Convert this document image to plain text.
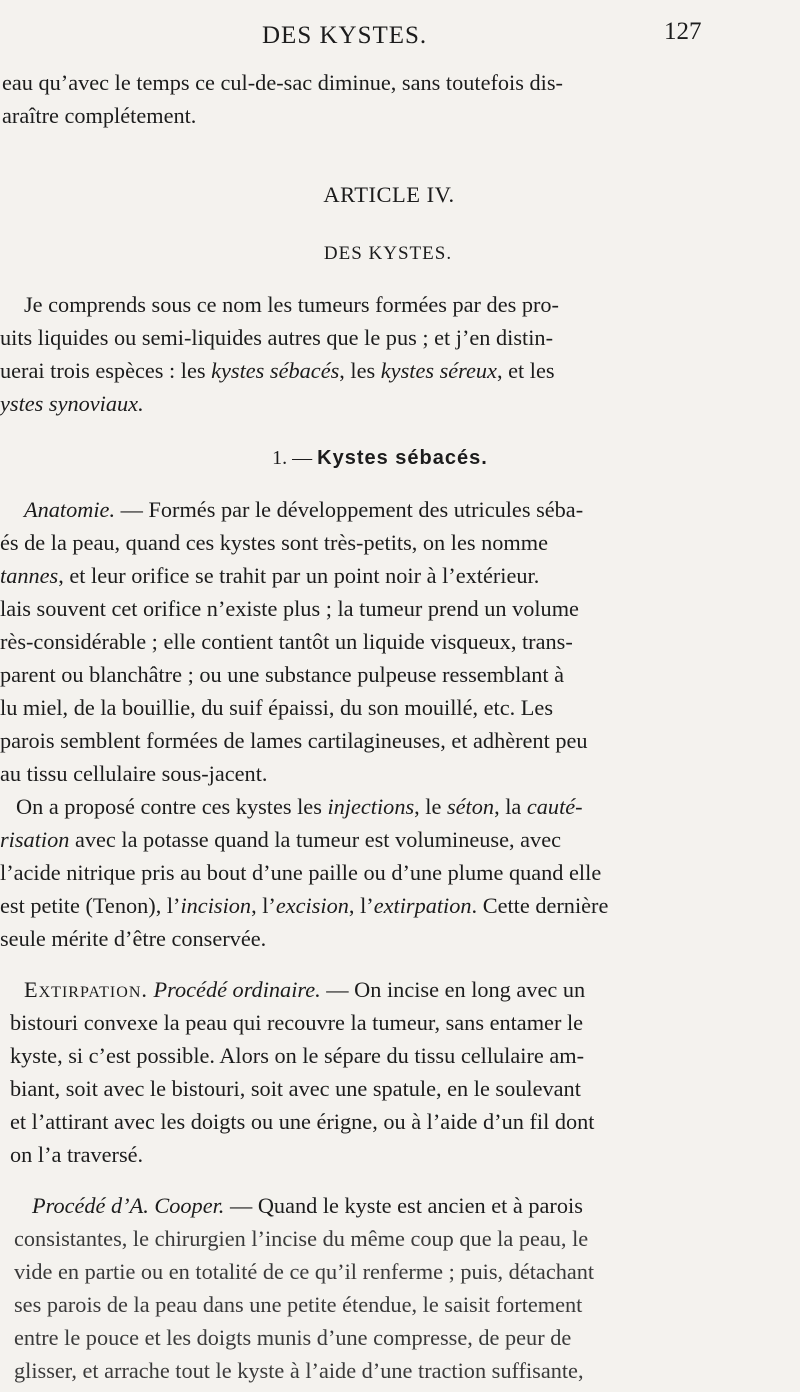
DES KYSTES.	127

eau qu’avec le temps ce cul-de-sac diminue, sans toutefois dis-

araître complétement.

ARTICLE IV.

DES KYSTES.

Je comprends sous ce nom les tumeurs formées par des pro-

uits liquides ou semi-liquides autres que le pus ; et j’en distin-

uerai trois espèces : les kystes sébacés, les kystes séreux, et les

ystes synoviaux.

1. — Kystes sébacés.

Anatomie. — Formés par le développement des utricules séba-

és de la peau, quand ces kystes sont très-petits, on les nomme

tannes, et leur orifice se trahit par un point noir à l’extérieur.

lais souvent cet orifice n’existe plus ; la tumeur prend un volume

rès-considérable ; elle contient tantôt un liquide visqueux, trans-

parent ou blanchâtre ; ou une substance pulpeuse ressemblant à

lu miel, de la bouillie, du suif épaissi, du son mouillé, etc. Les

parois semblent formées de lames cartilagineuses, et adhèrent peu

au tissu cellulaire sous-jacent.

On a proposé contre ces kystes les injections, le séton, la cauté-

risation avec la potasse quand la tumeur est volumineuse, avec

l’acide nitrique pris au bout d’une paille ou d’une plume quand elle

est petite (Tenon), l’incision, l’excision, l’extirpation. Cette dernière

seule mérite d’être conservée.

Extirpation. Procédé ordinaire. — On incise en long avec un

bistouri convexe la peau qui recouvre la tumeur, sans entamer le

kyste, si c’est possible. Alors on le sépare du tissu cellulaire am-

biant, soit avec le bistouri, soit avec une spatule, en le soulevant

et l’attirant avec les doigts ou une érigne, ou à l’aide d’un fil dont

on l’a traversé.

Procédé d’A. Cooper. — Quand le kyste est ancien et à parois

consistantes, le chirurgien l’incise du même coup que la peau, le

vide en partie ou en totalité de ce qu’il renferme ; puis, détachant

ses parois de la peau dans une petite étendue, le saisit fortement

entre le pouce et les doigts munis d’une compresse, de peur de

glisser, et arrache tout le kyste à l’aide d’une traction suffisante,
